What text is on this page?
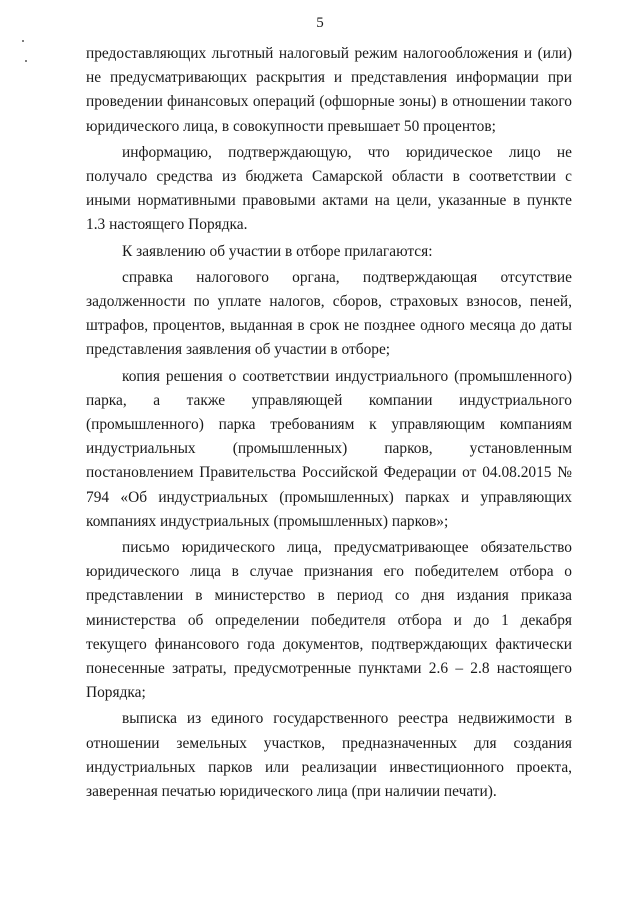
5

предоставляющих льготный налоговый режим налогообложения и (или) не предусматривающих раскрытия и представления информации при проведении финансовых операций (офшорные зоны) в отношении такого юридического лица, в совокупности превышает 50 процентов;

информацию, подтверждающую, что юридическое лицо не получало средства из бюджета Самарской области в соответствии с иными нормативными правовыми актами на цели, указанные в пункте 1.3 настоящего Порядка.

К заявлению об участии в отборе прилагаются:

справка налогового органа, подтверждающая отсутствие задолженности по уплате налогов, сборов, страховых взносов, пеней, штрафов, процентов, выданная в срок не позднее одного месяца до даты представления заявления об участии в отборе;

копия решения о соответствии индустриального (промышленного) парка, а также управляющей компании индустриального (промышленного) парка требованиям к управляющим компаниям индустриальных (промышленных) парков, установленным постановлением Правительства Российской Федерации от 04.08.2015 № 794 «Об индустриальных (промышленных) парках и управляющих компаниях индустриальных (промышленных) парков»;

письмо юридического лица, предусматривающее обязательство юридического лица в случае признания его победителем отбора о представлении в министерство в период со дня издания приказа министерства об определении победителя отбора и до 1 декабря текущего финансового года документов, подтверждающих фактически понесенные затраты, предусмотренные пунктами 2.6 – 2.8 настоящего Порядка;

выписка из единого государственного реестра недвижимости в отношении земельных участков, предназначенных для создания индустриальных парков или реализации инвестиционного проекта, заверенная печатью юридического лица (при наличии печати).
